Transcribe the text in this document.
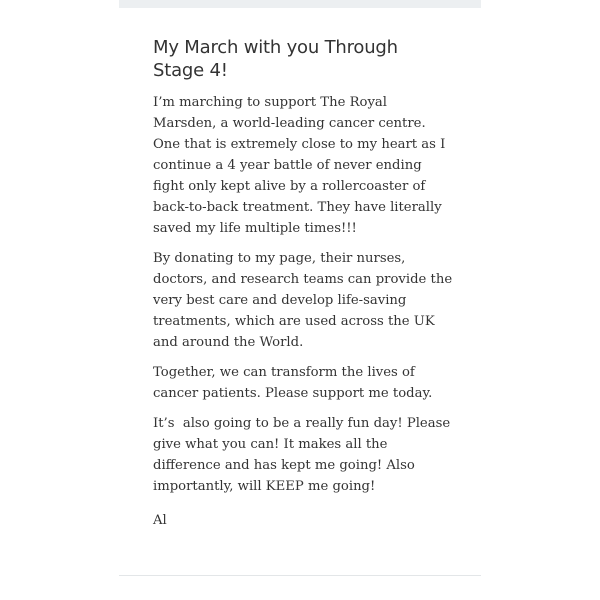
My March with you Through Stage 4!

I’m marching to support The Royal Marsden, a world-leading cancer centre. One that is extremely close to my heart as I continue a 4 year battle of never ending  fight only kept alive by a rollercoaster of back-to-back treatment. They have literally saved my life multiple times!!!

By donating to my page, their nurses, doctors, and research teams can provide the very best care and develop life-saving treatments, which are used across the UK and around the World.

Together, we can transform the lives of cancer patients. Please support me today.

It’s  also going to be a really fun day! Please give what you can! It makes all the difference and has kept me going! Also importantly, will KEEP me going!

Al
